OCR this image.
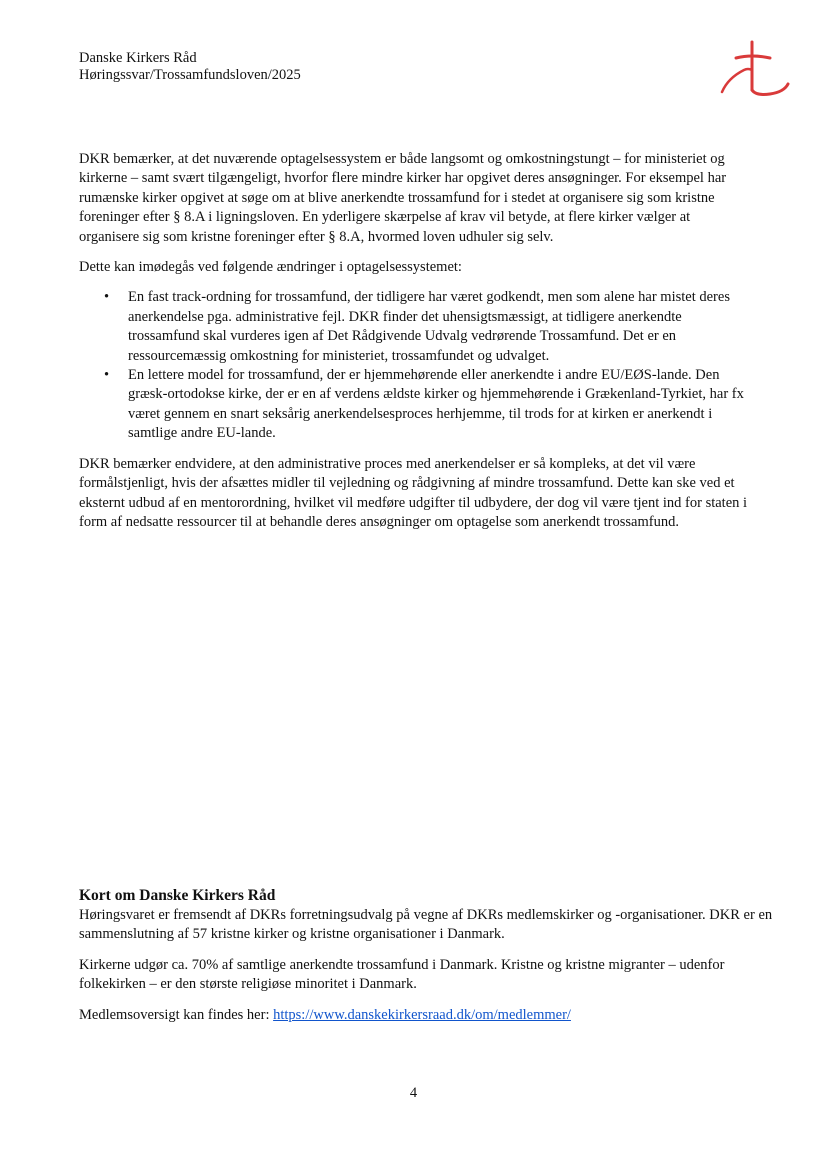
Danske Kirkers Råd
Høringssvar/Trossamfundsloven/2025

DKR bemærker, at det nuværende optagelsessystem er både langsomt og omkostningstungt – for ministeriet og kirkerne – samt svært tilgængeligt, hvorfor flere mindre kirker har opgivet deres ansøgninger. For eksempel har rumænske kirker opgivet at søge om at blive anerkendte trossamfund for i stedet at organisere sig som kristne foreninger efter § 8.A i ligningsloven. En yderligere skærpelse af krav vil betyde, at flere kirker vælger at organisere sig som kristne foreninger efter § 8.A, hvormed loven udhuler sig selv.

Dette kan imødegås ved følgende ændringer i optagelsessystemet:

• En fast track-ordning for trossamfund, der tidligere har været godkendt, men som alene har mistet deres anerkendelse pga. administrative fejl. DKR finder det uhensigtsmæssigt, at tidligere anerkendte trossamfund skal vurderes igen af Det Rådgivende Udvalg vedrørende Trossamfund. Det er en ressourcemæssig omkostning for ministeriet, trossamfundet og udvalget.
• En lettere model for trossamfund, der er hjemmehørende eller anerkendte i andre EU/EØS-lande. Den græsk-ortodokse kirke, der er en af verdens ældste kirker og hjemmehørende i Grækenland-Tyrkiet, har fx været gennem en snart seksårig anerkendelsesproces herhjemme, til trods for at kirken er anerkendt i samtlige andre EU-lande.

DKR bemærker endvidere, at den administrative proces med anerkendelser er så kompleks, at det vil være formålstjenligt, hvis der afsættes midler til vejledning og rådgivning af mindre trossamfund. Dette kan ske ved et eksternt udbud af en mentorordning, hvilket vil medføre udgifter til udbydere, der dog vil være tjent ind for staten i form af nedsatte ressourcer til at behandle deres ansøgninger om optagelse som anerkendt trossamfund.

Kort om Danske Kirkers Råd

Høringsvaret er fremsendt af DKRs forretningsudvalg på vegne af DKRs medlemskirker og -organisationer. DKR er en sammenslutning af 57 kristne kirker og kristne organisationer i Danmark.

Kirkerne udgør ca. 70% af samtlige anerkendte trossamfund i Danmark. Kristne og kristne migranter – udenfor folkekirken – er den største religiøse minoritet i Danmark.

Medlemsoversigt kan findes her: https://www.danskekirkersraad.dk/om/medlemmer/

4
